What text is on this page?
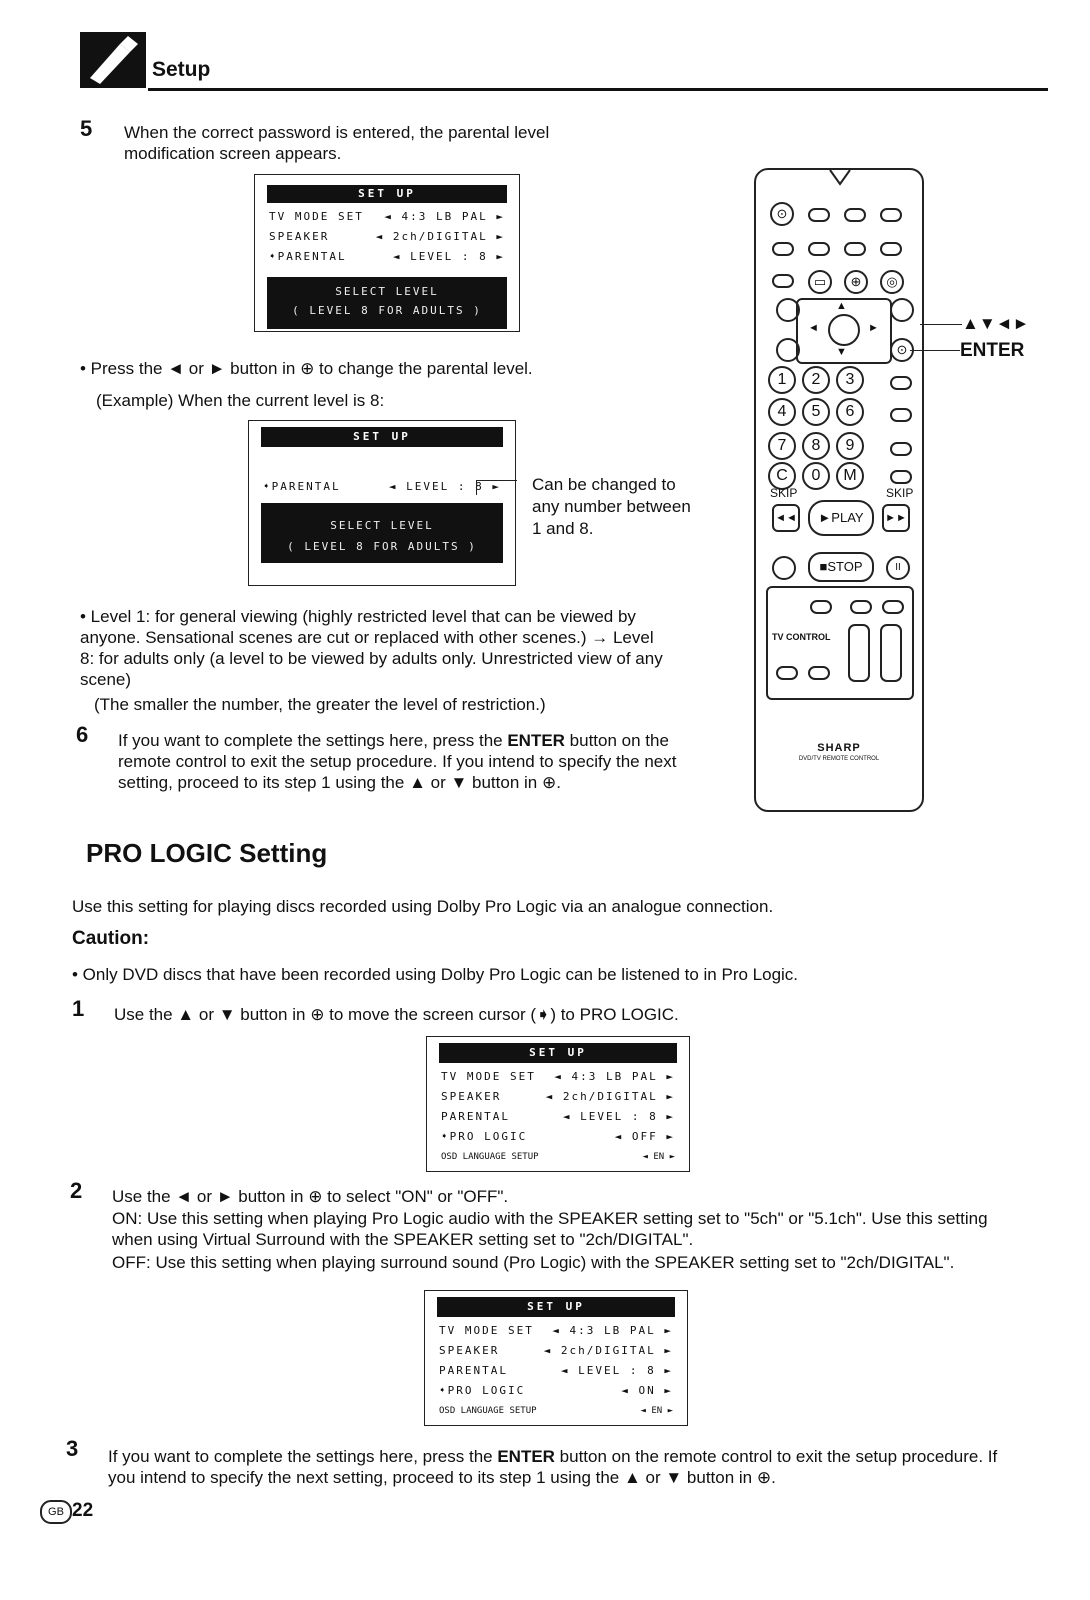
Setup
5 When the correct password is entered, the parental level modification screen appears.
SET UP
TV MODE SET ◄ 4:3 LB PAL ►
SPEAKER	◄ 2ch/DIGITAL ►
➧PARENTAL	◄ LEVEL : 8 ►
SELECT LEVEL
( LEVEL 8 FOR ADULTS )
• Press the ◄ or ► button in ⊕ to change the parental level.
(Example) When the current level is 8:
SET UP
➧PARENTAL	◄ LEVEL : 8 ►
SELECT LEVEL
( LEVEL 8 FOR ADULTS )
Can be changed to any number between 1 and 8.
• Level 1: for general viewing (highly restricted level that can be viewed by anyone. Sensational scenes are cut or replaced with other scenes.) → Level 8: for adults only (a level to be viewed by adults only. Unrestricted view of any scene)
(The smaller the number, the greater the level of restriction.)
6 If you want to complete the settings here, press the ENTER button on the remote control to exit the setup procedure. If you intend to specify the next setting, proceed to its step 1 using the ▲ or ▼ button in ⊕.
⊙
▭	⊕	◎
▲
▼
◄	►
⊙
1	2	3
4	5	6
7	8	9
C	0	M
SKIP	SKIP
◄◄	►PLAY	►►
■STOP	II
TV CONTROL
SHARP
DVD/TV REMOTE CONTROL
▲▼◄►
ENTER
PRO LOGIC Setting
Use this setting for playing discs recorded using Dolby Pro Logic via an analogue connection.
Caution:
• Only DVD discs that have been recorded using Dolby Pro Logic can be listened to in Pro Logic.
1 Use the ▲ or ▼ button in ⊕ to move the screen cursor (➧) to PRO LOGIC.
SET UP
TV MODE SET ◄ 4:3 LB PAL ►
SPEAKER	◄ 2ch/DIGITAL ►
PARENTAL	◄ LEVEL : 8 ►
➧PRO LOGIC	◄ OFF ►
OSD LANGUAGE SETUP	◄ EN ►
2 Use the ◄ or ► button in ⊕ to select "ON" or "OFF".
ON: Use this setting when playing Pro Logic audio with the SPEAKER setting set to "5ch" or "5.1ch". Use this setting when using Virtual Surround with the SPEAKER setting set to "2ch/DIGITAL".
OFF: Use this setting when playing surround sound (Pro Logic) with the SPEAKER setting set to "2ch/DIGITAL".
SET UP
TV MODE SET ◄ 4:3 LB PAL ►
SPEAKER	◄ 2ch/DIGITAL ►
PARENTAL	◄ LEVEL : 8 ►
➧PRO LOGIC	◄ ON ►
OSD LANGUAGE SETUP	◄ EN ►
3 If you want to complete the settings here, press the ENTER button on the remote control to exit the setup procedure. If you intend to specify the next setting, proceed to its step 1 using the ▲ or ▼ button in ⊕.
GB 22
